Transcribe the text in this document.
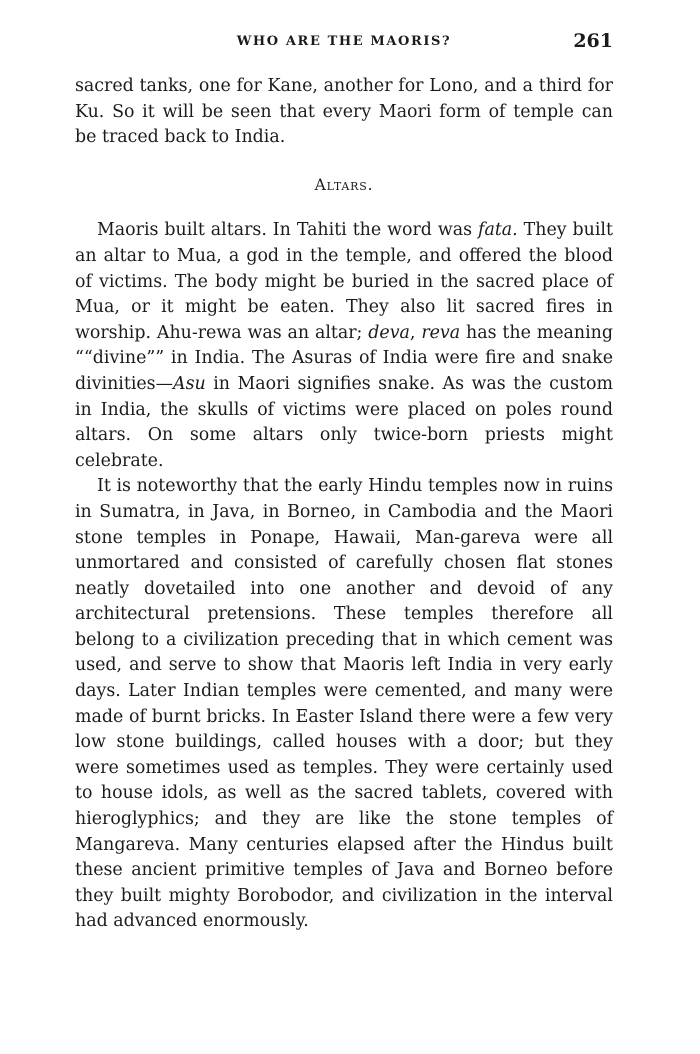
WHO ARE THE MAORIS?	261

sacred tanks, one for Kane, another for Lono, and a third for Ku. So it will be seen that every Maori form of temple can be traced back to India.

Altars.

Maoris built altars. In Tahiti the word was fata. They built an altar to Mua, a god in the temple, and offered the blood of victims. The body might be buried in the sacred place of Mua, or it might be eaten. They also lit sacred fires in worship. Ahu-rewa was an altar; deva, reva has the meaning ““divine”” in India. The Asuras of India were fire and snake divinities—Asu in Maori signifies snake. As was the custom in India, the skulls of victims were placed on poles round altars. On some altars only twice-born priests might celebrate.

It is noteworthy that the early Hindu temples now in ruins in Sumatra, in Java, in Borneo, in Cambodia and the Maori stone temples in Ponape, Hawaii, Man-gareva were all unmortared and consisted of carefully chosen flat stones neatly dovetailed into one another and devoid of any architectural pretensions. These temples therefore all belong to a civilization preceding that in which cement was used, and serve to show that Maoris left India in very early days. Later Indian temples were cemented, and many were made of burnt bricks. In Easter Island there were a few very low stone buildings, called houses with a door; but they were sometimes used as temples. They were certainly used to house idols, as well as the sacred tablets, covered with hieroglyphics; and they are like the stone temples of Mangareva. Many centuries elapsed after the Hindus built these ancient primitive temples of Java and Borneo before they built mighty Borobodor, and civilization in the interval had advanced enormously.
